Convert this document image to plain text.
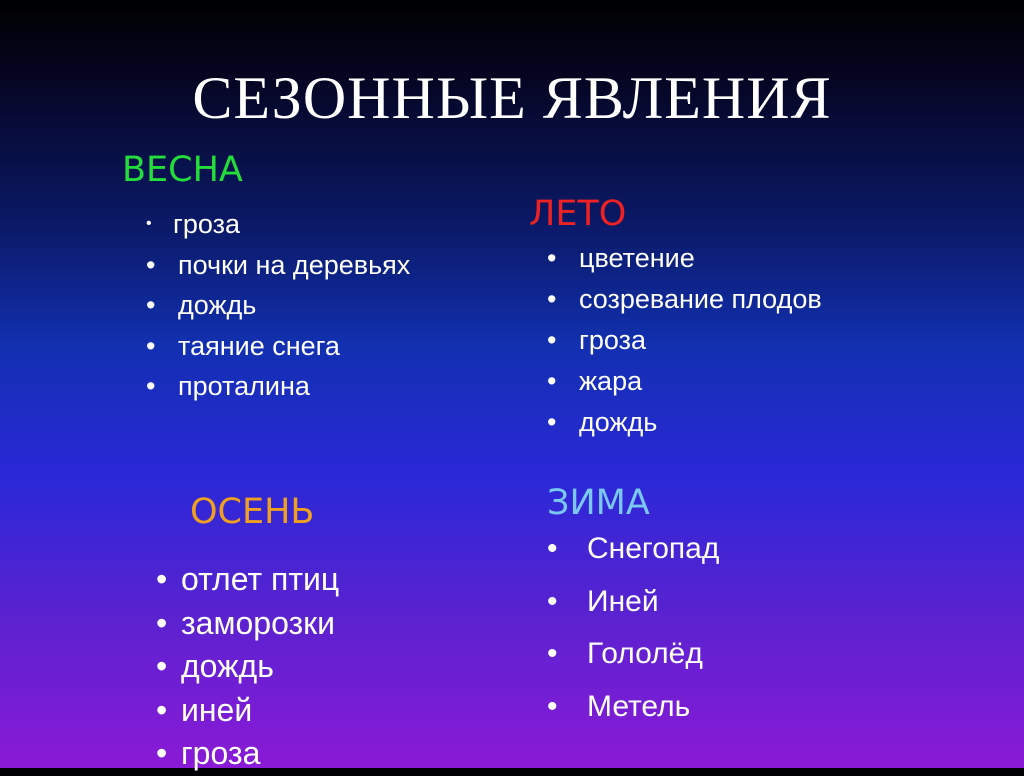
СЕЗОННЫЕ ЯВЛЕНИЯ
ВЕСНА
• гроза
• почки на деревьях
• дождь
• таяние снега
• проталина
ЛЕТО
• цветение
• созревание плодов
• гроза
• жара
• дождь
ОСЕНЬ
• отлет птиц
• заморозки
• дождь
• иней
• гроза
ЗИМА
• Снегопад
• Иней
• Гололёд
• Метель
